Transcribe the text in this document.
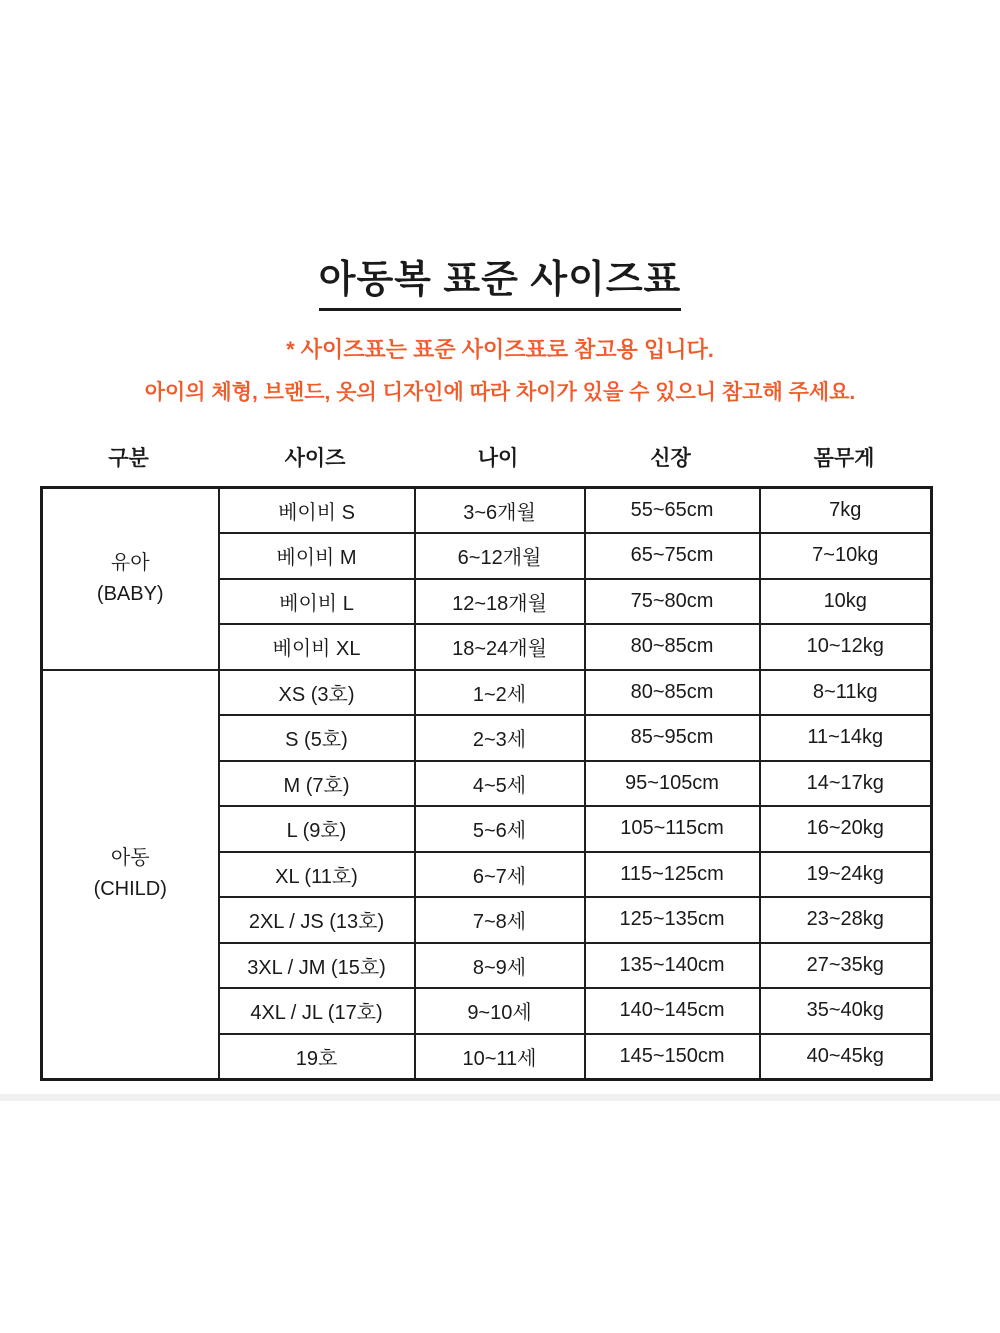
아동복 표준 사이즈표
* 사이즈표는 표준 사이즈표로 참고용 입니다.
아이의 체형, 브랜드, 옷의 디자인에 따라 차이가 있을 수 있으니 참고해 주세요.
구분	사이즈	나이	신장	몸무게
유아
(BABY)	베이비 S	3~6개월	55~65cm	7kg
	베이비 M	6~12개월	65~75cm	7~10kg
	베이비 L	12~18개월	75~80cm	10kg
	베이비 XL	18~24개월	80~85cm	10~12kg

아동
(CHILD)	XS (3호)	1~2세	80~85cm	8~11kg
	S (5호)	2~3세	85~95cm	11~14kg
	M (7호)	4~5세	95~105cm	14~17kg
	L (9호)	5~6세	105~115cm	16~20kg
	XL (11호)	6~7세	115~125cm	19~24kg
	2XL / JS (13호)	7~8세	125~135cm	23~28kg
	3XL / JM (15호)	8~9세	135~140cm	27~35kg
	4XL / JL (17호)	9~10세	140~145cm	35~40kg
	19호	10~11세	145~150cm	40~45kg
